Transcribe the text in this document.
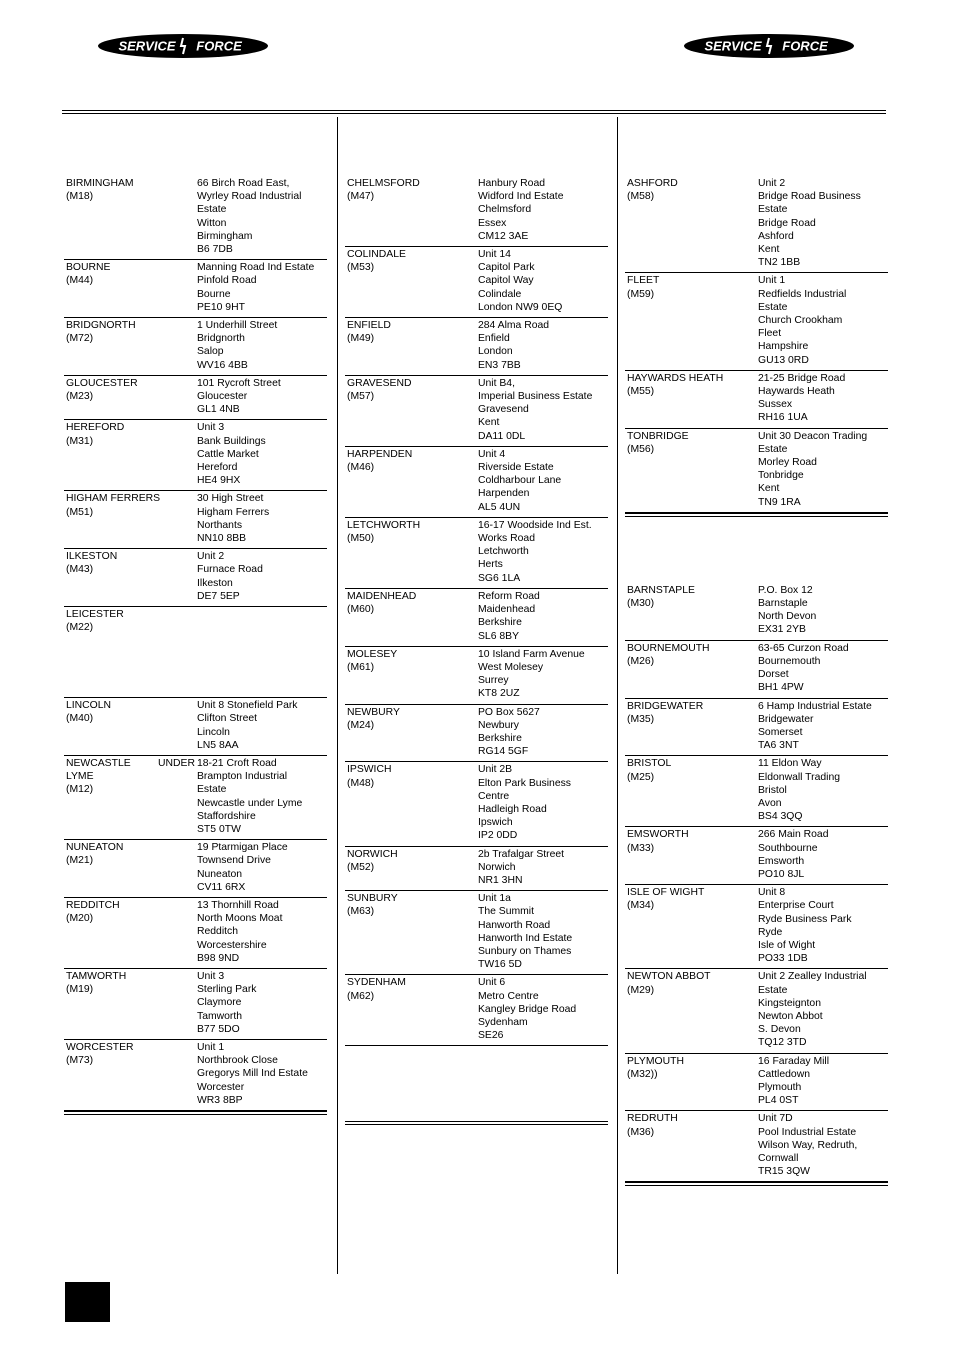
SERVICE FORCE	SERVICE FORCE
BIRMINGHAM
(M18)
66 Birch Road East,
Wyrley Road Industrial
Estate
Witton
Birmingham
B6 7DB
BOURNE
(M44)
Manning Road Ind Estate
Pinfold Road
Bourne
PE10 9HT
BRIDGNORTH
(M72)
1 Underhill Street
Bridgnorth
Salop
WV16 4BB
GLOUCESTER
(M23)
101 Rycroft Street
Gloucester
GL1 4NB
HEREFORD
(M31)
Unit 3
Bank Buildings
Cattle Market
Hereford
HE4 9HX
HIGHAM FERRERS
(M51)
30 High Street
Higham Ferrers
Northants
NN10 8BB
ILKESTON
(M43)
Unit 2
Furnace Road
Ilkeston
DE7 5EP
LEICESTER
(M22)
LINCOLN
(M40)
Unit 8 Stonefield Park
Clifton Street
Lincoln
LN5 8AA
NEWCASTLE UNDER LYME
(M12)
18-21 Croft Road
Brampton Industrial
Estate
Newcastle under Lyme
Staffordshire
ST5 0TW
NUNEATON
(M21)
19 Ptarmigan Place
Townsend Drive
Nuneaton
CV11 6RX
REDDITCH
(M20)
13 Thornhill Road
North Moons Moat
Redditch
Worcestershire
B98 9ND
TAMWORTH
(M19)
Unit 3
Sterling Park
Claymore
Tamworth
B77 5DO
WORCESTER
(M73)
Unit 1
Northbrook Close
Gregorys Mill Ind Estate
Worcester
WR3 8BP
CHELMSFORD
(M47)
Hanbury Road
Widford Ind Estate
Chelmsford
Essex
CM12 3AE
COLINDALE
(M53)
Unit 14
Capitol Park
Capitol Way
Colindale
London NW9 0EQ
ENFIELD
(M49)
284 Alma Road
Enfield
London
EN3 7BB
GRAVESEND
(M57)
Unit B4,
Imperial Business Estate
Gravesend
Kent
DA11 0DL
HARPENDEN
(M46)
Unit 4
Riverside Estate
Coldharbour Lane
Harpenden
AL5 4UN
LETCHWORTH
(M50)
16-17 Woodside Ind Est.
Works Road
Letchworth
Herts
SG6 1LA
MAIDENHEAD
(M60)
Reform Road
Maidenhead
Berkshire
SL6 8BY
MOLESEY
(M61)
10 Island Farm Avenue
West Molesey
Surrey
KT8 2UZ
NEWBURY
(M24)
PO Box 5627
Newbury
Berkshire
RG14 5GF
IPSWICH
(M48)
Unit 2B
Elton Park Business
Centre
Hadleigh Road
Ipswich
IP2 0DD
NORWICH
(M52)
2b Trafalgar Street
Norwich
NR1 3HN
SUNBURY
(M63)
Unit 1a
The Summit
Hanworth Road
Hanworth Ind Estate
Sunbury on Thames
TW16 5D
SYDENHAM
(M62)
Unit 6
Metro Centre
Kangley Bridge Road
Sydenham
SE26
ASHFORD
(M58)
Unit 2
Bridge Road Business
Estate
Bridge Road
Ashford
Kent
TN2 1BB
FLEET
(M59)
Unit 1
Redfields Industrial
Estate
Church Crookham
Fleet
Hampshire
GU13 0RD
HAYWARDS HEATH
(M55)
21-25 Bridge Road
Haywards Heath
Sussex
RH16 1UA
TONBRIDGE
(M56)
Unit 30 Deacon Trading
Estate
Morley Road
Tonbridge
Kent
TN9 1RA
BARNSTAPLE
(M30)
P.O. Box 12
Barnstaple
North Devon
EX31 2YB
BOURNEMOUTH
(M26)
63-65 Curzon Road
Bournemouth
Dorset
BH1 4PW
BRIDGEWATER
(M35)
6 Hamp Industrial Estate
Bridgewater
Somerset
TA6 3NT
BRISTOL
(M25)
11 Eldon Way
Eldonwall Trading
Bristol
Avon
BS4 3QQ
EMSWORTH
(M33)
266 Main Road
Southbourne
Emsworth
PO10 8JL
ISLE OF WIGHT
(M34)
Unit 8
Enterprise Court
Ryde Business Park
Ryde
Isle of Wight
PO33 1DB
NEWTON ABBOT
(M29)
Unit 2 Zealley Industrial
Estate
Kingsteignton
Newton Abbot
S. Devon
TQ12 3TD
PLYMOUTH
(M32))
16 Faraday Mill
Cattledown
Plymouth
PL4 0ST
REDRUTH
(M36)
Unit 7D
Pool Industrial Estate
Wilson Way, Redruth,
Cornwall
TR15 3QW
